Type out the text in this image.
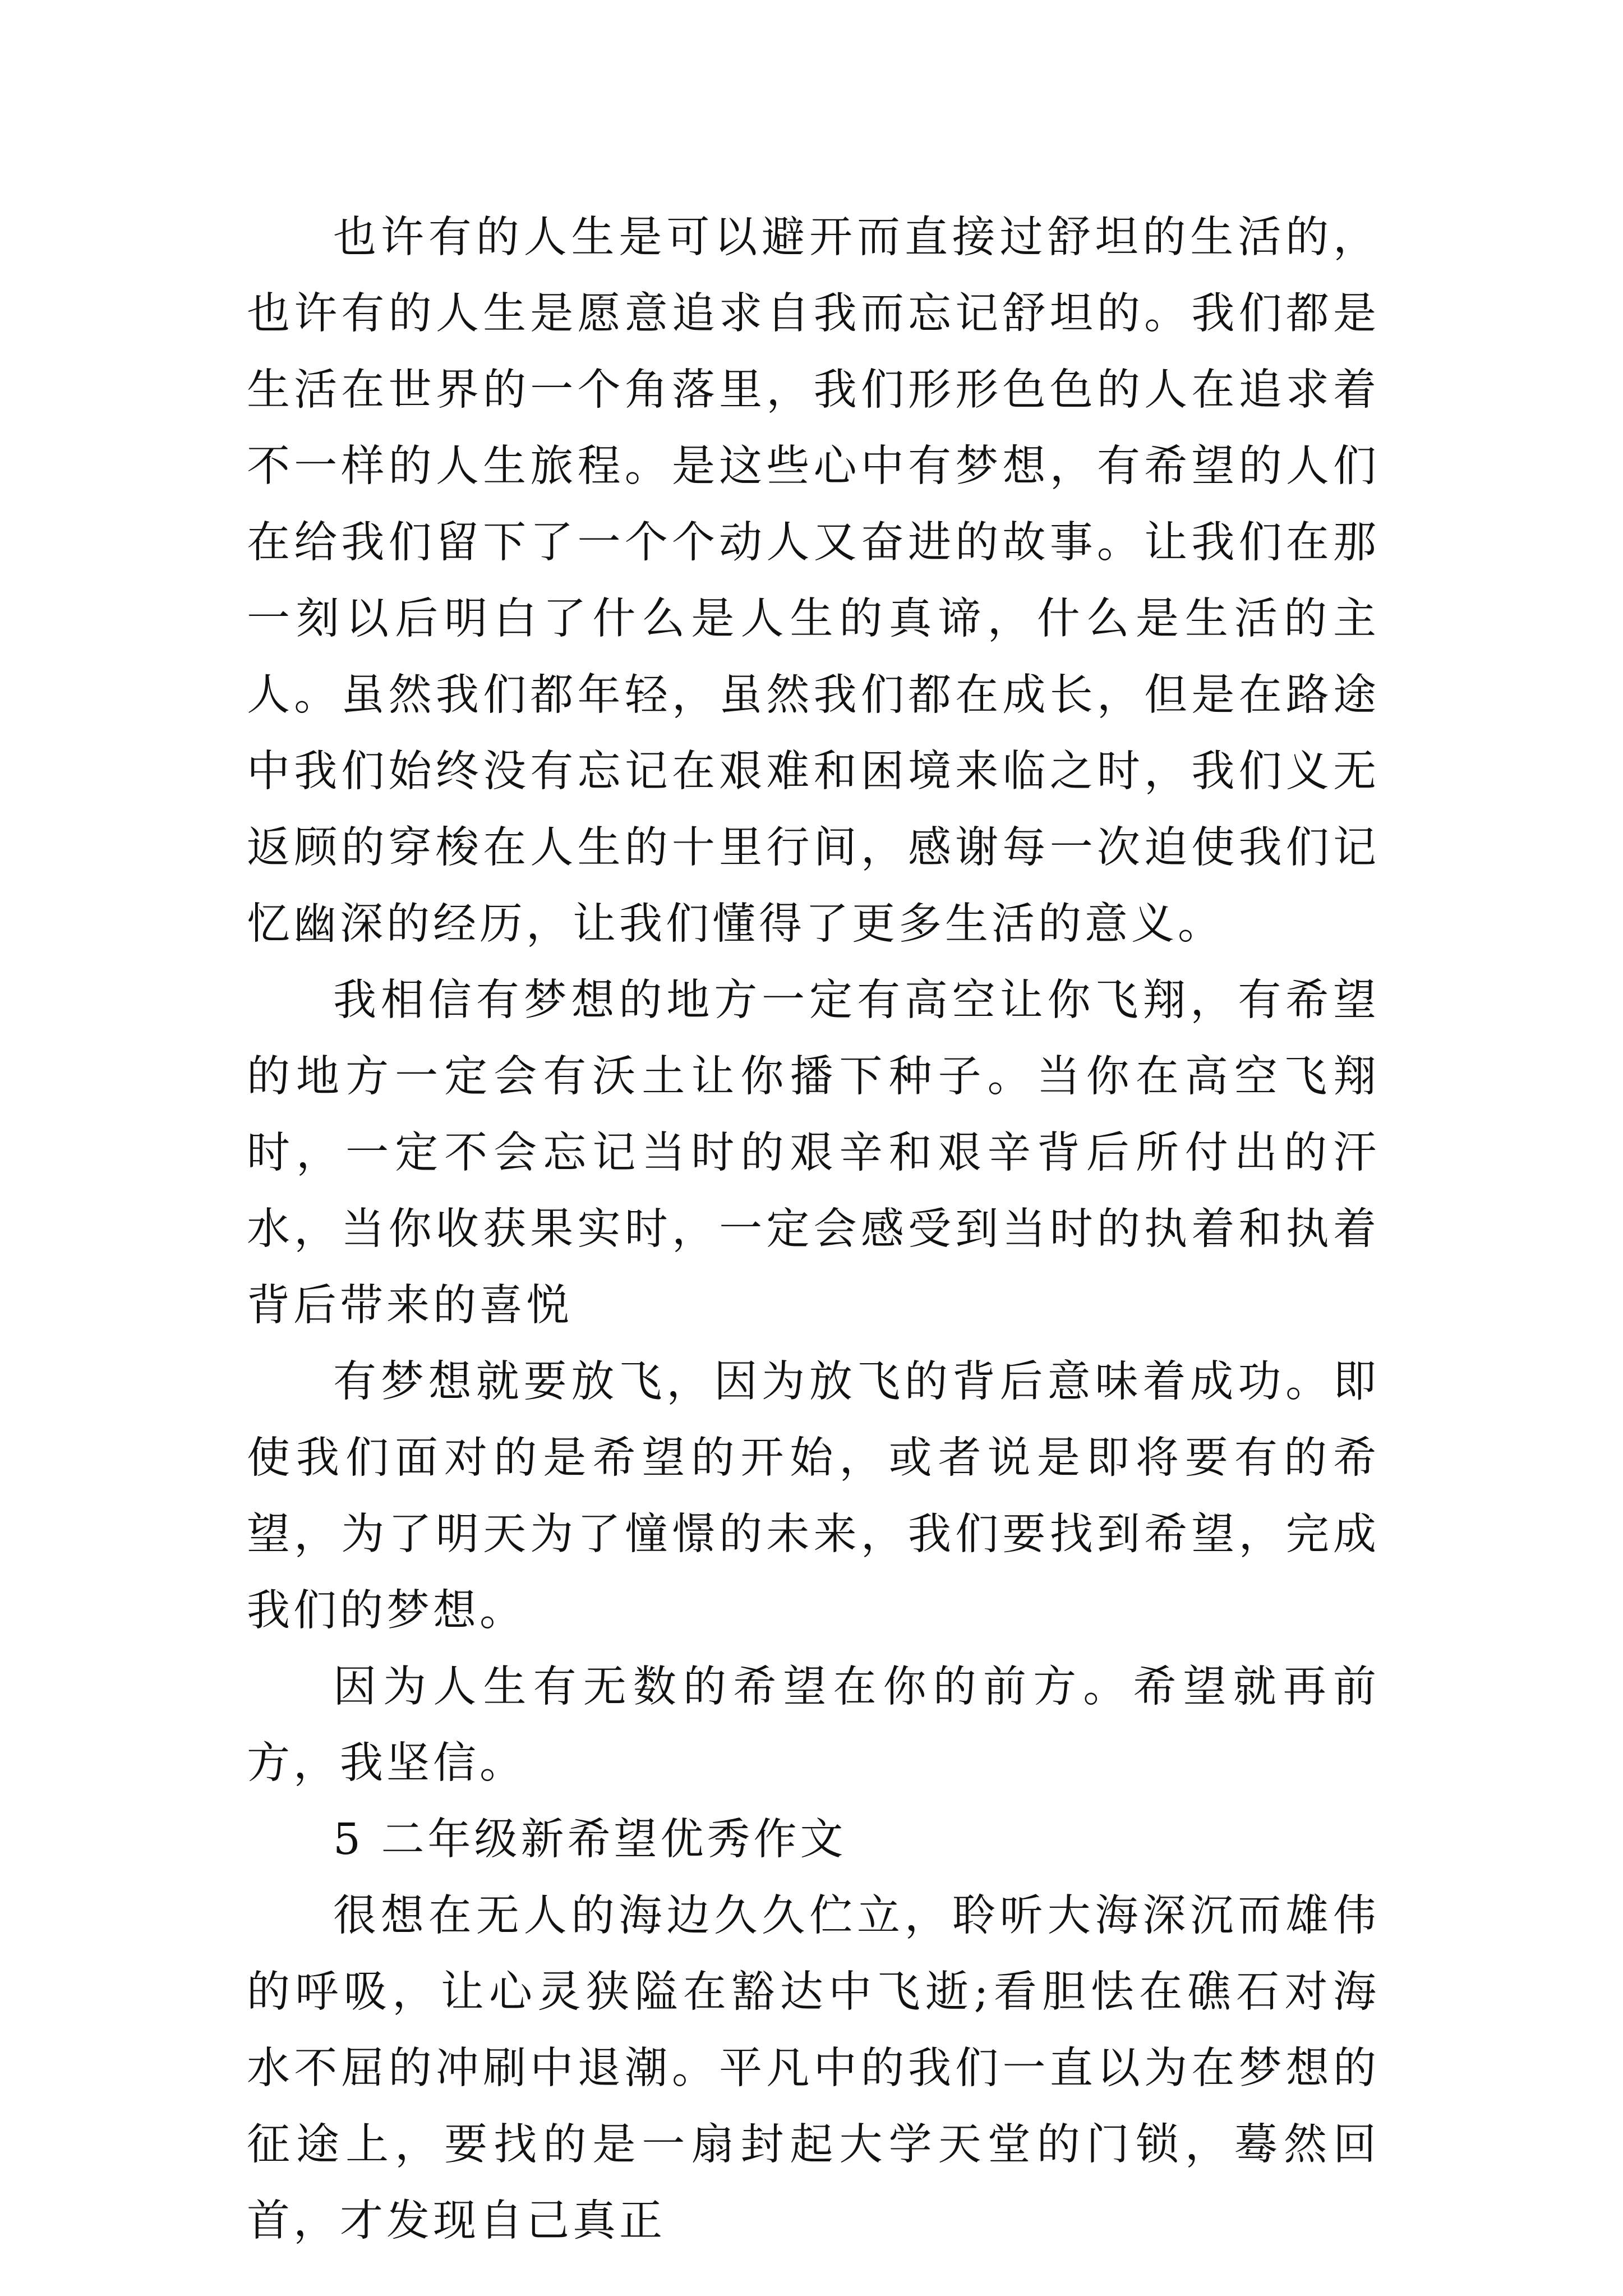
也许有的人生是可以避开而直接过舒坦的生活的，也许有的人生是愿意追求自我而忘记舒坦的。我们都是生活在世界的一个角落里，我们形形色色的人在追求着不一样的人生旅程。是这些心中有梦想，有希望的人们在给我们留下了一个个动人又奋进的故事。让我们在那一刻以后明白了什么是人生的真谛，什么是生活的主人。虽然我们都年轻，虽然我们都在成长，但是在路途中我们始终没有忘记在艰难和困境来临之时，我们义无返顾的穿梭在人生的十里行间，感谢每一次迫使我们记忆幽深的经历，让我们懂得了更多生活的意义。

我相信有梦想的地方一定有高空让你飞翔，有希望的地方一定会有沃土让你播下种子。当你在高空飞翔时，一定不会忘记当时的艰辛和艰辛背后所付出的汗水，当你收获果实时，一定会感受到当时的执着和执着背后带来的喜悦

有梦想就要放飞，因为放飞的背后意味着成功。即使我们面对的是希望的开始，或者说是即将要有的希望，为了明天为了憧憬的未来，我们要找到希望，完成我们的梦想。

因为人生有无数的希望在你的前方。希望就再前方，我坚信。

5 二年级新希望优秀作文

很想在无人的海边久久伫立，聆听大海深沉而雄伟的呼吸，让心灵狭隘在豁达中飞逝;看胆怯在礁石对海水不屈的冲刷中退潮。平凡中的我们一直以为在梦想的征途上，要找的是一扇封起大学天堂的门锁，蓦然回首，才发现自己真正
